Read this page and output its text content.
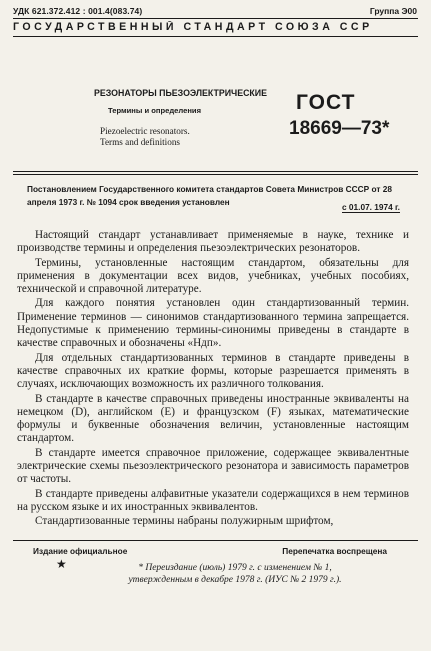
УДК 621.372.412 : 001.4(083.74)	Группа Э00
ГОСУДАРСТВЕННЫЙ СТАНДАРТ СОЮЗА ССР
РЕЗОНАТОРЫ ПЬЕЗОЭЛЕКТРИЧЕСКИЕ
Термины и определения
Piezoelectric resonators.
Terms and definitions
ГОСТ
18669—73*
Постановлением Государственного комитета стандартов Совета Министров СССР от 28 апреля 1973 г. № 1094 срок введения установлен	с 01.07. 1974 г.

Настоящий стандарт устанавливает применяемые в науке, технике и производстве термины и определения пьезоэлектрических резонаторов.

Термины, установленные настоящим стандартом, обязательны для применения в документации всех видов, учебниках, учебных пособиях, технической и справочной литературе.

Для каждого понятия установлен один стандартизованный термин. Применение терминов — синонимов стандартизованного термина запрещается. Недопустимые к применению термины-синонимы приведены в стандарте в качестве справочных и обозначены «Ндп».

Для отдельных стандартизованных терминов в стандарте приведены в качестве справочных их краткие формы, которые разрешается применять в случаях, исключающих возможность их различного толкования.

В стандарте в качестве справочных приведены иностранные эквиваленты на немецком (D), английском (E) и французском (F) языках, математические формулы и буквенные обозначения величин, установленные настоящим стандартом.

В стандарте имеется справочное приложение, содержащее эквивалентные электрические схемы пьезоэлектрического резонатора и зависимость параметров от частоты.

В стандарте приведены алфавитные указатели содержащихся в нем терминов на русском языке и их иностранных эквивалентов.

Стандартизованные термины набраны полужирным шрифтом,

Издание официальное	Перепечатка воспрещена
★	* Переиздание (июль) 1979 г. с изменением № 1,
утвержденным в декабре 1978 г. (ИУС № 2 1979 г.).
